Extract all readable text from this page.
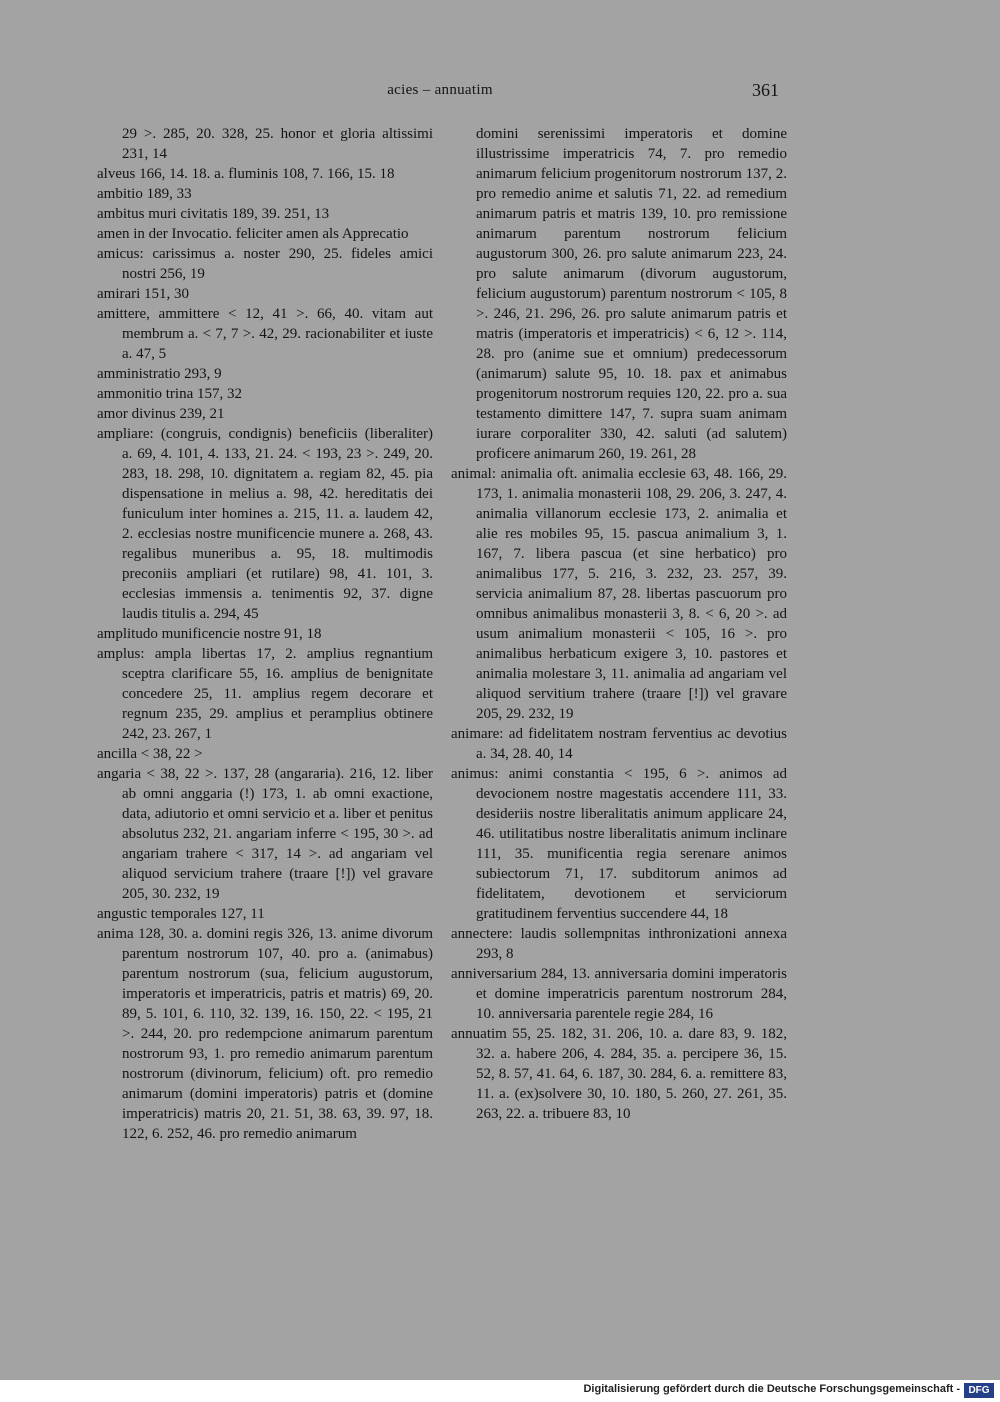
acies – annuatim	361

29 >. 285, 20. 328, 25. honor et gloria altissimi 231, 14

alveus 166, 14. 18. a. fluminis 108, 7. 166, 15. 18

ambitio 189, 33

ambitus muri civitatis 189, 39. 251, 13

amen in der Invocatio. feliciter amen als Apprecatio

amicus: carissimus a. noster 290, 25. fideles amici nostri 256, 19

amirari 151, 30

amittere, ammittere < 12, 41 >. 66, 40. vitam aut membrum a. < 7, 7 >. 42, 29. racionabiliter et iuste a. 47, 5

amministratio 293, 9

ammonitio trina 157, 32

amor divinus 239, 21

ampliare: (congruis, condignis) beneficiis (liberaliter) a. 69, 4. 101, 4. 133, 21. 24. < 193, 23 >. 249, 20. 283, 18. 298, 10. dignitatem a. regiam 82, 45. pia dispensatione in melius a. 98, 42. hereditatis dei funiculum inter homines a. 215, 11. a. laudem 42, 2. ecclesias nostre munificencie munere a. 268, 43. regalibus muneribus a. 95, 18. multimodis preconiis ampliari (et rutilare) 98, 41. 101, 3. ecclesias immensis a. tenimentis 92, 37. digne laudis titulis a. 294, 45

amplitudo munificencie nostre 91, 18

amplus: ampla libertas 17, 2. amplius regnantium sceptra clarificare 55, 16. amplius de benignitate concedere 25, 11. amplius regem decorare et regnum 235, 29. amplius et peramplius obtinere 242, 23. 267, 1

ancilla < 38, 22 >

angaria < 38, 22 >. 137, 28 (angararia). 216, 12. liber ab omni anggaria (!) 173, 1. ab omni exactione, data, adiutorio et omni servicio et a. liber et penitus absolutus 232, 21. angariam inferre < 195, 30 >. ad angariam trahere < 317, 14 >. ad angariam vel aliquod servicium trahere (traare [!]) vel gravare 205, 30. 232, 19

angustic temporales 127, 11

anima 128, 30. a. domini regis 326, 13. anime divorum parentum nostrorum 107, 40. pro a. (animabus) parentum nostrorum (sua, felicium augustorum, imperatoris et imperatricis, patris et matris) 69, 20. 89, 5. 101, 6. 110, 32. 139, 16. 150, 22. < 195, 21 >. 244, 20. pro redempcione animarum parentum nostrorum 93, 1. pro remedio animarum parentum nostrorum (divinorum, felicium) oft. pro remedio animarum (domini imperatoris) patris et (domine imperatricis) matris 20, 21. 51, 38. 63, 39. 97, 18. 122, 6. 252, 46. pro remedio animarum

domini serenissimi imperatoris et domine illustrissime imperatricis 74, 7. pro remedio animarum felicium progenitorum nostrorum 137, 2. pro remedio anime et salutis 71, 22. ad remedium animarum patris et matris 139, 10. pro remissione animarum parentum nostrorum felicium augustorum 300, 26. pro salute animarum 223, 24. pro salute animarum (divorum augustorum, felicium augustorum) parentum nostrorum < 105, 8 >. 246, 21. 296, 26. pro salute animarum patris et matris (imperatoris et imperatricis) < 6, 12 >. 114, 28. pro (anime sue et omnium) predecessorum (animarum) salute 95, 10. 18. pax et animabus progenitorum nostrorum requies 120, 22. pro a. sua testamento dimittere 147, 7. supra suam animam iurare corporaliter 330, 42. saluti (ad salutem) proficere animarum 260, 19. 261, 28

animal: animalia oft. animalia ecclesie 63, 48. 166, 29. 173, 1. animalia monasterii 108, 29. 206, 3. 247, 4. animalia villanorum ecclesie 173, 2. animalia et alie res mobiles 95, 15. pascua animalium 3, 1. 167, 7. libera pascua (et sine herbatico) pro animalibus 177, 5. 216, 3. 232, 23. 257, 39. servicia animalium 87, 28. libertas pascuorum pro omnibus animalibus monasterii 3, 8. < 6, 20 >. ad usum animalium monasterii < 105, 16 >. pro animalibus herbaticum exigere 3, 10. pastores et animalia molestare 3, 11. animalia ad angariam vel aliquod servitium trahere (traare [!]) vel gravare 205, 29. 232, 19

animare: ad fidelitatem nostram ferventius ac devotius a. 34, 28. 40, 14

animus: animi constantia < 195, 6 >. animos ad devocionem nostre magestatis accendere 111, 33. desideriis nostre liberalitatis animum applicare 24, 46. utilitatibus nostre liberalitatis animum inclinare 111, 35. munificentia regia serenare animos subiectorum 71, 17. subditorum animos ad fidelitatem, devotionem et serviciorum gratitudinem ferventius succendere 44, 18

annectere: laudis sollempnitas inthronizationi annexa 293, 8

anniversarium 284, 13. anniversaria domini imperatoris et domine imperatricis parentum nostrorum 284, 10. anniversaria parentele regie 284, 16

annuatim 55, 25. 182, 31. 206, 10. a. dare 83, 9. 182, 32. a. habere 206, 4. 284, 35. a. percipere 36, 15. 52, 8. 57, 41. 64, 6. 187, 30. 284, 6. a. remittere 83, 11. a. (ex)solvere 30, 10. 180, 5. 260, 27. 261, 35. 263, 22. a. tribuere 83, 10

Digitalisierung gefördert durch die Deutsche Forschungsgemeinschaft - DFG
